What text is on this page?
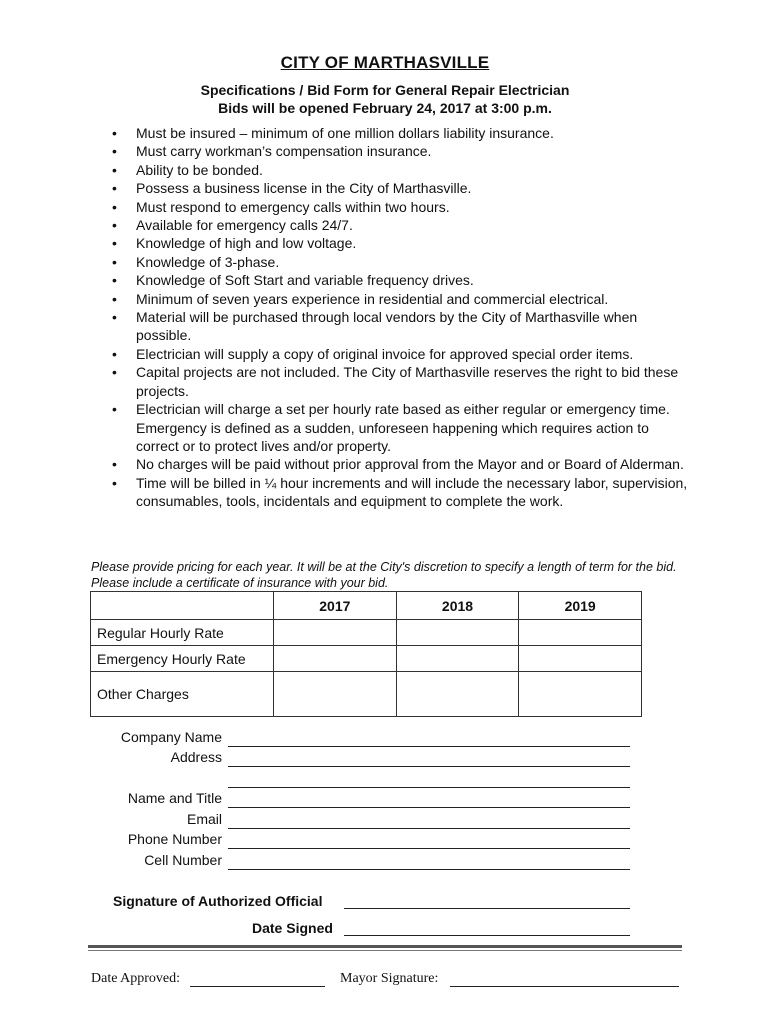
CITY OF MARTHASVILLE
Specifications / Bid Form for General Repair Electrician
Bids will be opened February 24, 2017 at 3:00 p.m.
• Must be insured – minimum of one million dollars liability insurance.
• Must carry workman’s compensation insurance.
• Ability to be bonded.
• Possess a business license in the City of Marthasville.
• Must respond to emergency calls within two hours.
• Available for emergency calls 24/7.
• Knowledge of high and low voltage.
• Knowledge of 3-phase.
• Knowledge of Soft Start and variable frequency drives.
• Minimum of seven years experience in residential and commercial electrical.
• Material will be purchased through local vendors by the City of Marthasville when possible.
• Electrician will supply a copy of original invoice for approved special order items.
• Capital projects are not included. The City of Marthasville reserves the right to bid these projects.
• Electrician will charge a set per hourly rate based as either regular or emergency time. Emergency is defined as a sudden, unforeseen happening which requires action to correct or to protect lives and/or property.
• No charges will be paid without prior approval from the Mayor and or Board of Alderman.
• Time will be billed in ¼ hour increments and will include the necessary labor, supervision, consumables, tools, incidentals and equipment to complete the work.
Please provide pricing for each year. It will be at the City's discretion to specify a length of term for the bid. Please include a certificate of insurance with your bid.
	2017	2018	2019
Regular Hourly Rate			
Emergency Hourly Rate			
Other Charges			
Company Name
Address
Name and Title
Email
Phone Number
Cell Number
Signature of Authorized Official
Date Signed
Date Approved:	Mayor Signature:
